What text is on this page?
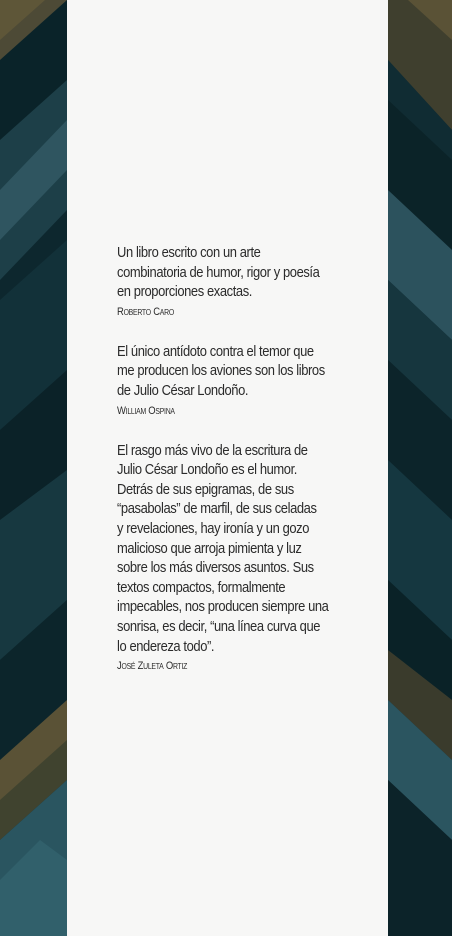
Un libro escrito con un arte
combinatoria de humor, rigor y poesía
en proporciones exactas.

Roberto Caro

El único antídoto contra el temor que
me producen los aviones son los libros
de Julio César Londoño.

William Ospina

El rasgo más vivo de la escritura de
Julio César Londoño es el humor.
Detrás de sus epigramas, de sus
“pasabolas” de marfil, de sus celadas
y revelaciones, hay ironía y un gozo
malicioso que arroja pimienta y luz
sobre los más diversos asuntos. Sus
textos compactos, formalmente
impecables, nos producen siempre una
sonrisa, es decir, “una línea curva que
lo endereza todo”.

José Zuleta Ortiz
